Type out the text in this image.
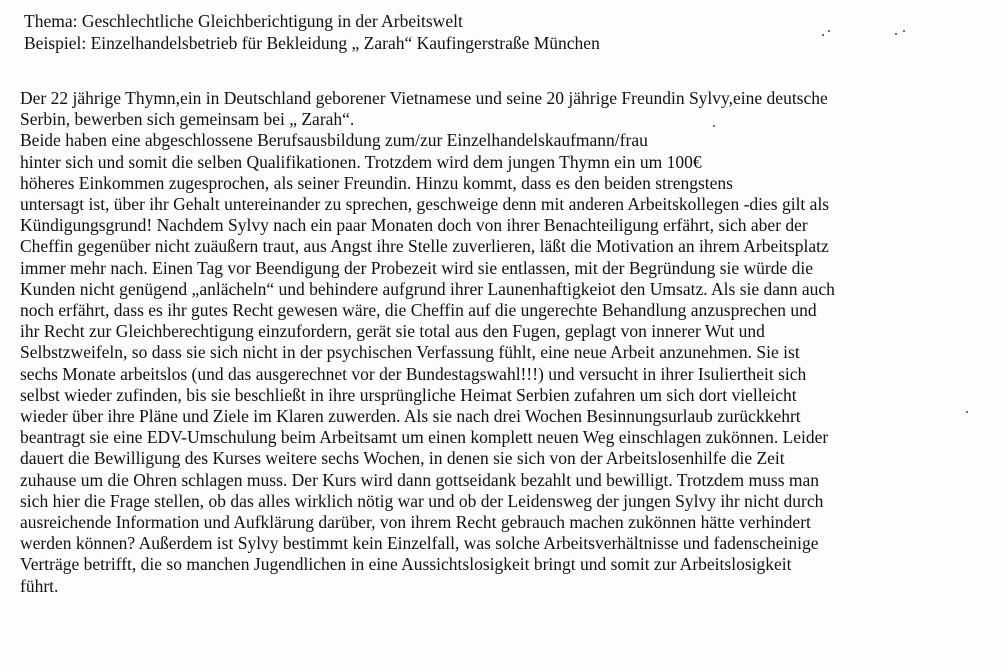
Thema: Geschlechtliche Gleichberichtigung in der Arbeitswelt
Beispiel: Einzelhandelsbetrieb für Bekleidung „ Zarah“ Kaufingerstraße München
Der 22 jährige Thymn,ein in Deutschland geborener Vietnamese und seine 20 jährige Freundin Sylvy,eine deutsche
Serbin, bewerben sich gemeinsam bei „ Zarah“.
Beide haben eine abgeschlossene Berufsausbildung zum/zur Einzelhandelskaufmann/frau
hinter sich und somit die selben Qualifikationen. Trotzdem wird dem jungen Thymn ein um 100€
höheres Einkommen zugesprochen, als seiner Freundin. Hinzu kommt, dass es den beiden strengstens
untersagt ist, über ihr Gehalt untereinander zu sprechen, geschweige denn mit anderen Arbeitskollegen -dies gilt als
Kündigungsgrund! Nachdem Sylvy nach ein paar Monaten doch von ihrer Benachteiligung erfährt, sich aber der
Cheffin gegenüber nicht zuäußern traut, aus Angst ihre Stelle zuverlieren, läßt die Motivation an ihrem Arbeitsplatz
immer mehr nach. Einen Tag vor Beendigung der Probezeit wird sie entlassen, mit der Begründung sie würde die
Kunden nicht genügend „anlächeln“ und behindere aufgrund ihrer Launenhaftigkeiot den Umsatz. Als sie dann auch
noch erfährt, dass es ihr gutes Recht gewesen wäre, die Cheffin auf die ungerechte Behandlung anzusprechen und
ihr Recht zur Gleichberechtigung einzufordern, gerät sie total aus den Fugen, geplagt von innerer Wut und
Selbstzweifeln, so dass sie sich nicht in der psychischen Verfassung fühlt, eine neue Arbeit anzunehmen. Sie ist
sechs Monate arbeitslos (und das ausgerechnet vor der Bundestagswahl!!!) und versucht in ihrer Isuliertheit sich
selbst wieder zufinden, bis sie beschließt in ihre ursprüngliche Heimat Serbien zufahren um sich dort vielleicht
wieder über ihre Pläne und Ziele im Klaren zuwerden. Als sie nach drei Wochen Besinnungsurlaub zurückkehrt
beantragt sie eine EDV-Umschulung beim Arbeitsamt um einen komplett neuen Weg einschlagen zukönnen. Leider
dauert die Bewilligung des Kurses weitere sechs Wochen, in denen sie sich von der Arbeitslosenhilfe die Zeit
zuhause um die Ohren schlagen muss. Der Kurs wird dann gottseidank bezahlt und bewilligt. Trotzdem muss man
sich hier die Frage stellen, ob das alles wirklich nötig war und ob der Leidensweg der jungen Sylvy ihr nicht durch
ausreichende Information und Aufklärung darüber, von ihrem Recht gebrauch machen zukönnen hätte verhindert
werden können? Außerdem ist Sylvy bestimmt kein Einzelfall, was solche Arbeitsverhältnisse und fadenscheinige
Verträge betrifft, die so manchen Jugendlichen in eine Aussichtslosigkeit bringt und somit zur Arbeitslosigkeit
führt.
